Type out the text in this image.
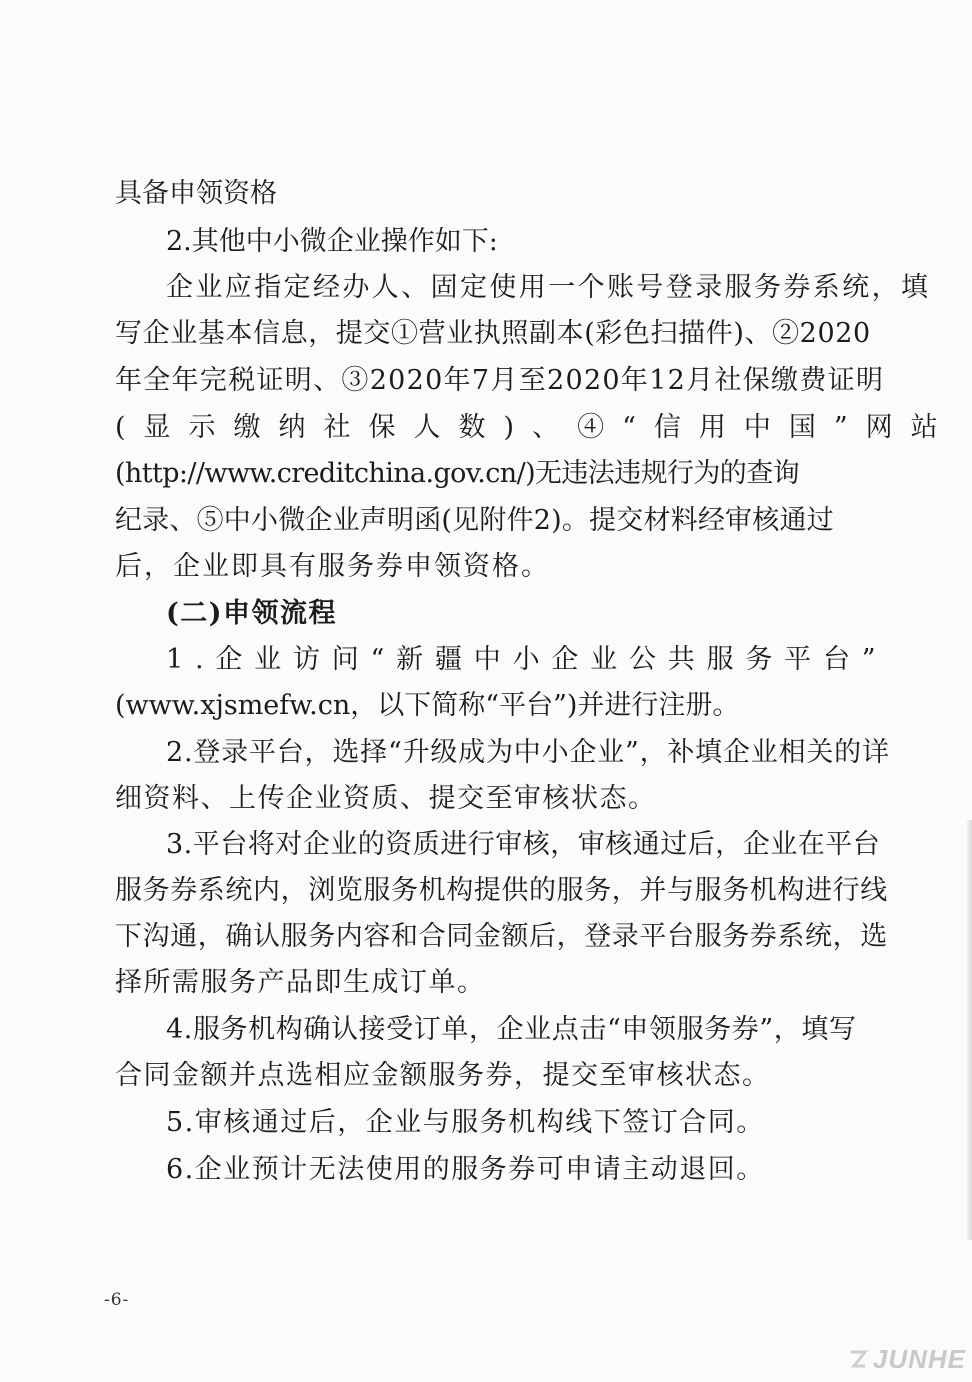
具备申领资格
2.其他中小微企业操作如下:
企业应指定经办人、固定使用一个账号登录服务券系统，填
写企业基本信息，提交①营业执照副本(彩色扫描件)、②2020
年全年完税证明、③2020年7月至2020年12月社保缴费证明
(显示缴纳社保人数)、④“信用中国”网站
(http://www.creditchina.gov.cn/)无违法违规行为的查询
纪录、⑤中小微企业声明函(见附件2)。提交材料经审核通过
后，企业即具有服务券申领资格。
(二)申领流程
1.企业访问“新疆中小企业公共服务平台”
(www.xjsmefw.cn，以下简称“平台”)并进行注册。
2.登录平台，选择“升级成为中小企业”，补填企业相关的详
细资料、上传企业资质、提交至审核状态。
3.平台将对企业的资质进行审核，审核通过后，企业在平台
服务券系统内，浏览服务机构提供的服务，并与服务机构进行线
下沟通，确认服务内容和合同金额后，登录平台服务券系统，选
择所需服务产品即生成订单。
4.服务机构确认接受订单，企业点击“申领服务券”，填写
合同金额并点选相应金额服务券，提交至审核状态。
5.审核通过后，企业与服务机构线下签订合同。
6.企业预计无法使用的服务券可申请主动退回。
-6-
JUNHE
